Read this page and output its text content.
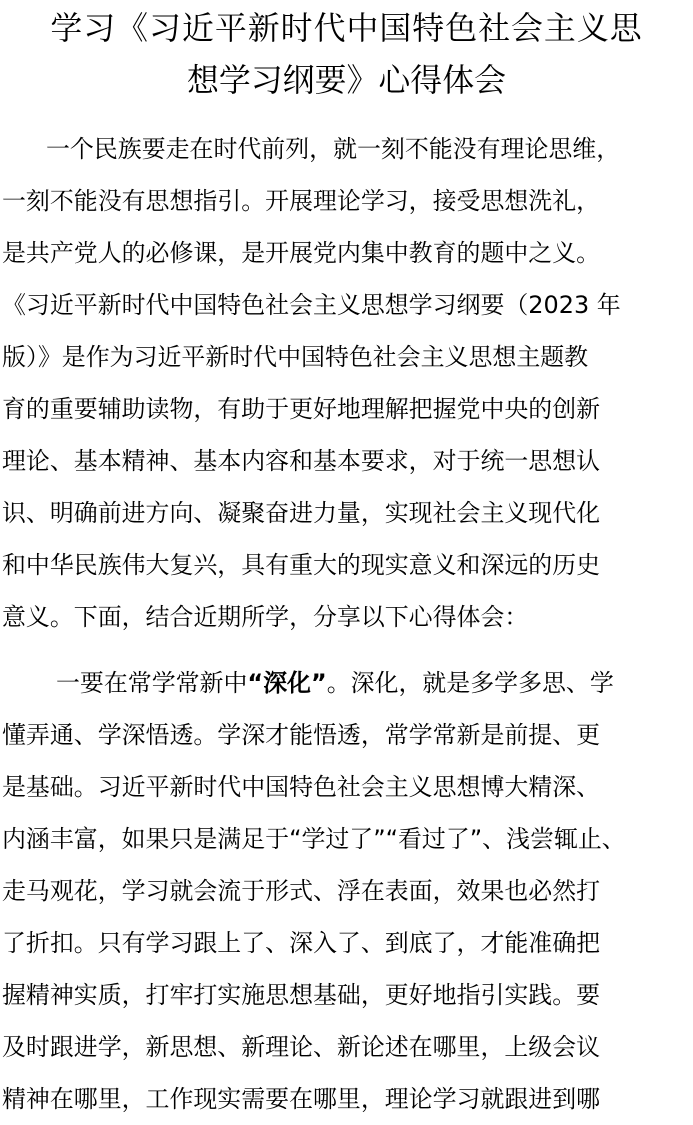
学习《习近平新时代中国特色社会主义思
想学习纲要》心得体会
一个民族要走在时代前列，就一刻不能没有理论思维，
一刻不能没有思想指引。开展理论学习，接受思想洗礼，
是共产党人的必修课，是开展党内集中教育的题中之义。
《习近平新时代中国特色社会主义思想学习纲要（2023 年
版）》是作为习近平新时代中国特色社会主义思想主题教
育的重要辅助读物，有助于更好地理解把握党中央的创新
理论、基本精神、基本内容和基本要求，对于统一思想认
识、明确前进方向、凝聚奋进力量，实现社会主义现代化
和中华民族伟大复兴，具有重大的现实意义和深远的历史
意义。下面，结合近期所学，分享以下心得体会：
一要在常学常新中“深化”。深化，就是多学多思、学
懂弄通、学深悟透。学深才能悟透，常学常新是前提、更
是基础。习近平新时代中国特色社会主义思想博大精深、
内涵丰富，如果只是满足于“学过了”“看过了”、浅尝辄止、
走马观花，学习就会流于形式、浮在表面，效果也必然打
了折扣。只有学习跟上了、深入了、到底了，才能准确把
握精神实质，打牢打实施思想基础，更好地指引实践。要
及时跟进学，新思想、新理论、新论述在哪里，上级会议
精神在哪里，工作现实需要在哪里，理论学习就跟进到哪
